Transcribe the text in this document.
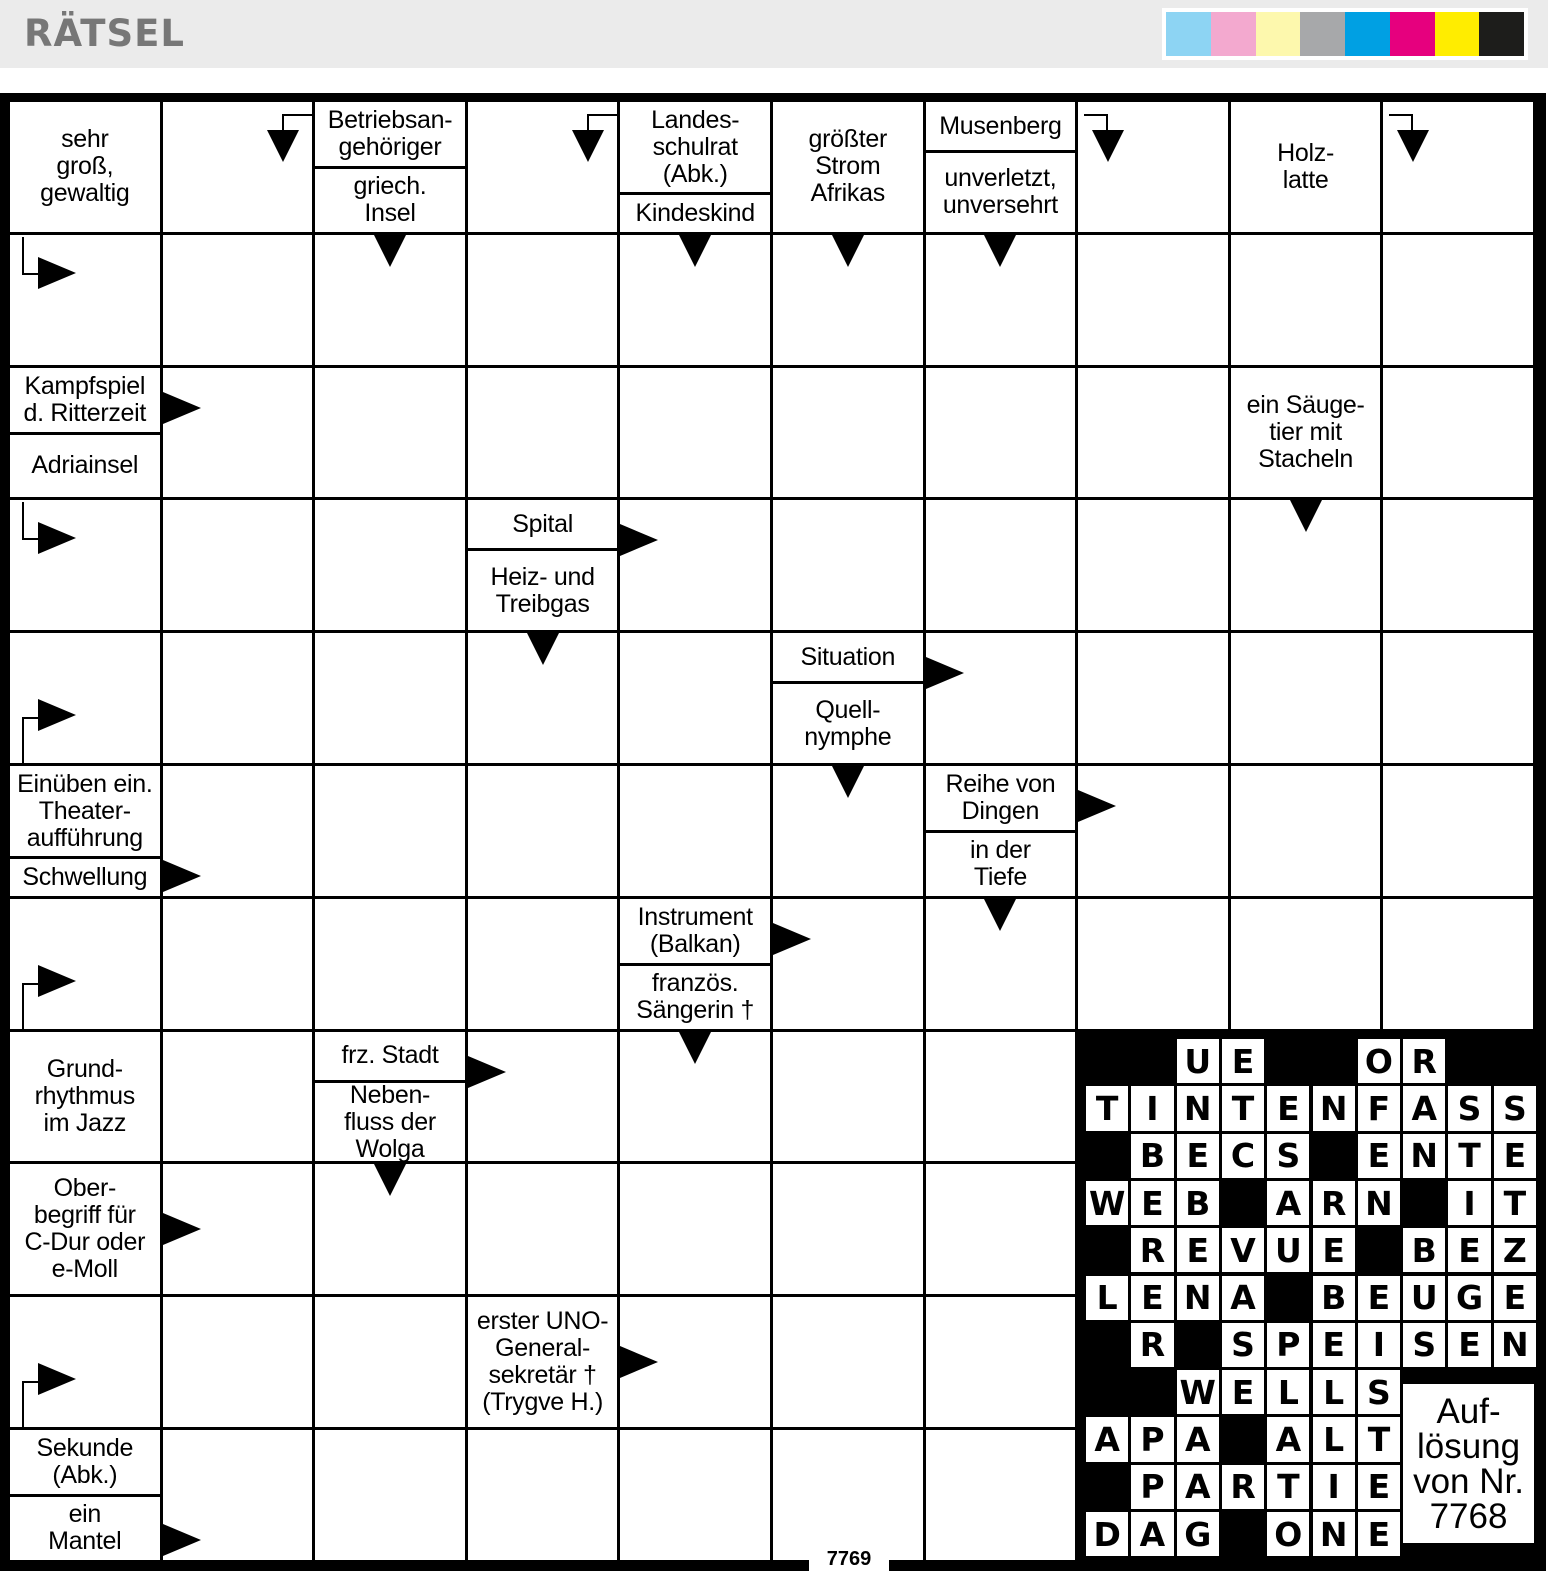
RÄTSEL
sehr
groß,
gewaltig
Betriebsan-
gehöriger
griech.
Insel
Landes-
schulrat
(Abk.)
Kindeskind
größter
Strom
Afrikas
Musenberg
unverletzt,
unversehrt
Holz-
latte
Kampfspiel
d. Ritterzeit
Adriainsel
ein Säuge-
tier mit
Stacheln
Spital
Heiz- und
Treibgas
Situation
Quell-
nymphe
Einüben ein.
Theater-
aufführung
Schwellung
Reihe von
Dingen
in der
Tiefe
Instrument
(Balkan)
französ.
Sängerin †
Grund-
rhythmus
im Jazz
frz. Stadt
Neben-
fluss der
Wolga
Ober-
begriff für
C-Dur oder
e-Moll
erster UNO-
General-
sekretär †
(Trygve H.)
Sekunde
(Abk.)
ein
Mantel
7769
U E	O R
T I N T E N F A S S
B E C S E N T E
W E B A R N	I T
R E V U E B E Z
L E N A B E U G E
R S P E I S E N
W E L L S
A P A A L T
P A R T I E
D A G O N E
Auf-
lösung
von Nr.
7768
